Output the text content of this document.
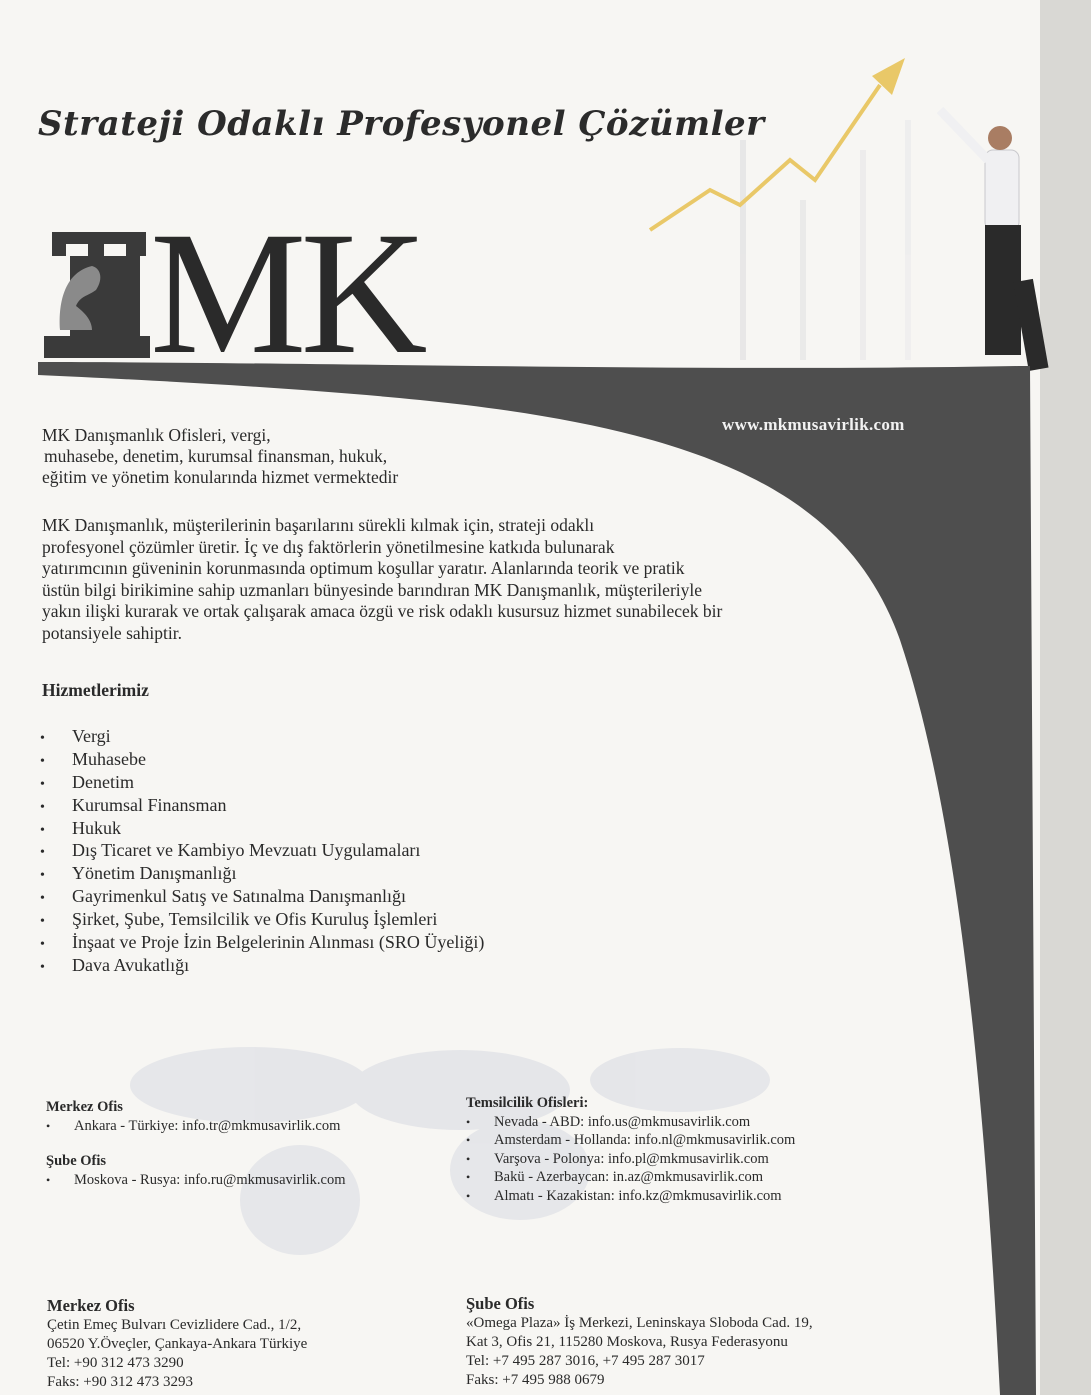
Strateji Odaklı Profesyonel Çözümler
MK
www.mkmusavirlik.com
MK Danışmanlık Ofisleri, vergi,
muhasebe, denetim, kurumsal finansman, hukuk,
eğitim ve yönetim konularında hizmet vermektedir
MK Danışmanlık, müşterilerinin başarılarını sürekli kılmak için, strateji odaklı
profesyonel çözümler üretir. İç ve dış faktörlerin yönetilmesine katkıda bulunarak
yatırımcının güveninin korunmasında optimum koşullar yaratır. Alanlarında teorik ve pratik
üstün bilgi birikimine sahip uzmanları bünyesinde barındıran MK Danışmanlık, müşterileriyle
yakın ilişki kurarak ve ortak çalışarak amaca özgü ve risk odaklı kusursuz hizmet sunabilecek bir
potansiyele sahiptir.
Hizmetlerimiz
• Vergi
• Muhasebe
• Denetim
• Kurumsal Finansman
• Hukuk
• Dış Ticaret ve Kambiyo Mevzuatı Uygulamaları
• Yönetim Danışmanlığı
• Gayrimenkul Satış ve Satınalma Danışmanlığı
• Şirket, Şube, Temsilcilik ve Ofis Kuruluş İşlemleri
• İnşaat ve Proje İzin Belgelerinin Alınması (SRO Üyeliği)
• Dava Avukatlığı
Merkez Ofis
• Ankara - Türkiye: info.tr@mkmusavirlik.com
Şube Ofis
• Moskova - Rusya: info.ru@mkmusavirlik.com
Temsilcilik Ofisleri:
• Nevada - ABD: info.us@mkmusavirlik.com
• Amsterdam - Hollanda: info.nl@mkmusavirlik.com
• Varşova - Polonya: info.pl@mkmusavirlik.com
• Bakü - Azerbaycan: in.az@mkmusavirlik.com
• Almatı - Kazakistan: info.kz@mkmusavirlik.com
Merkez Ofis
Çetin Emeç Bulvarı Cevizlidere Cad., 1/2,
06520 Y.Öveçler, Çankaya-Ankara Türkiye
Tel: +90 312 473 3290
Faks: +90 312 473 3293
Şube Ofis
«Omega Plaza» İş Merkezi, Leninskaya Sloboda Cad. 19,
Kat 3, Ofis 21, 115280 Moskova, Rusya Federasyonu
Tel: +7 495 287 3016, +7 495 287 3017
Faks: +7 495 988 0679
